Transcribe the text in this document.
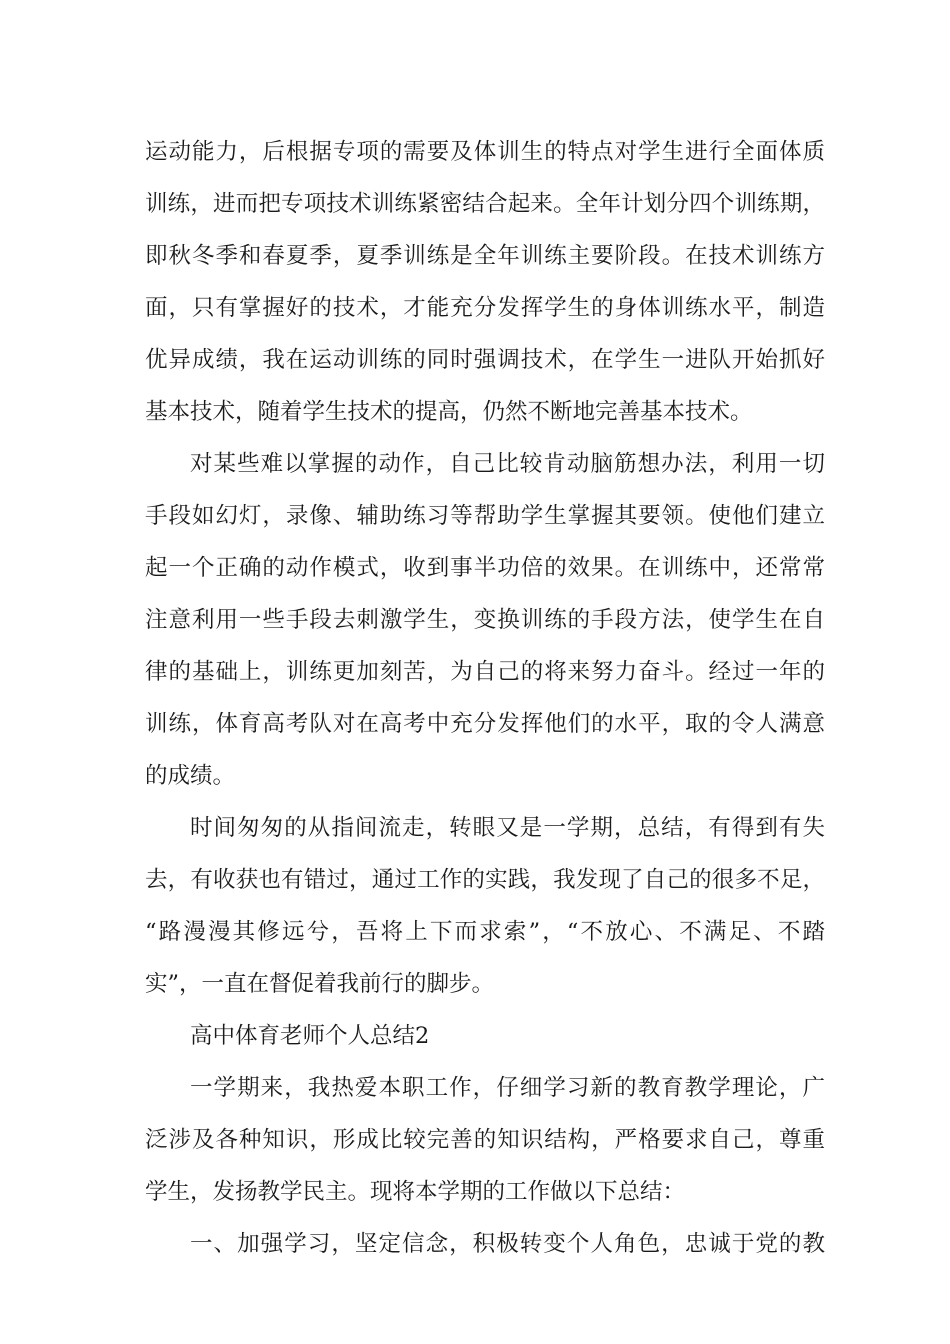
运动能力，后根据专项的需要及体训生的特点对学生进行全面体质
训练，进而把专项技术训练紧密结合起来。全年计划分四个训练期，
即秋冬季和春夏季，夏季训练是全年训练主要阶段。在技术训练方
面，只有掌握好的技术，才能充分发挥学生的身体训练水平，制造
优异成绩，我在运动训练的同时强调技术，在学生一进队开始抓好
基本技术，随着学生技术的提高，仍然不断地完善基本技术。
对某些难以掌握的动作，自己比较肯动脑筋想办法，利用一切
手段如幻灯，录像、辅助练习等帮助学生掌握其要领。使他们建立
起一个正确的动作模式，收到事半功倍的效果。在训练中，还常常
注意利用一些手段去刺激学生，变换训练的手段方法，使学生在自
律的基础上，训练更加刻苦，为自己的将来努力奋斗。经过一年的
训练，体育高考队对在高考中充分发挥他们的水平，取的令人满意
的成绩。
时间匆匆的从指间流走，转眼又是一学期，总结，有得到有失
去，有收获也有错过，通过工作的实践，我发现了自己的很多不足，
“路漫漫其修远兮，吾将上下而求索”，“不放心、不满足、不踏
实”，一直在督促着我前行的脚步。
高中体育老师个人总结2
一学期来，我热爱本职工作，仔细学习新的教育教学理论，广
泛涉及各种知识，形成比较完善的知识结构，严格要求自己，尊重
学生，发扬教学民主。现将本学期的工作做以下总结：
一、加强学习，坚定信念，积极转变个人角色，忠诚于党的教
